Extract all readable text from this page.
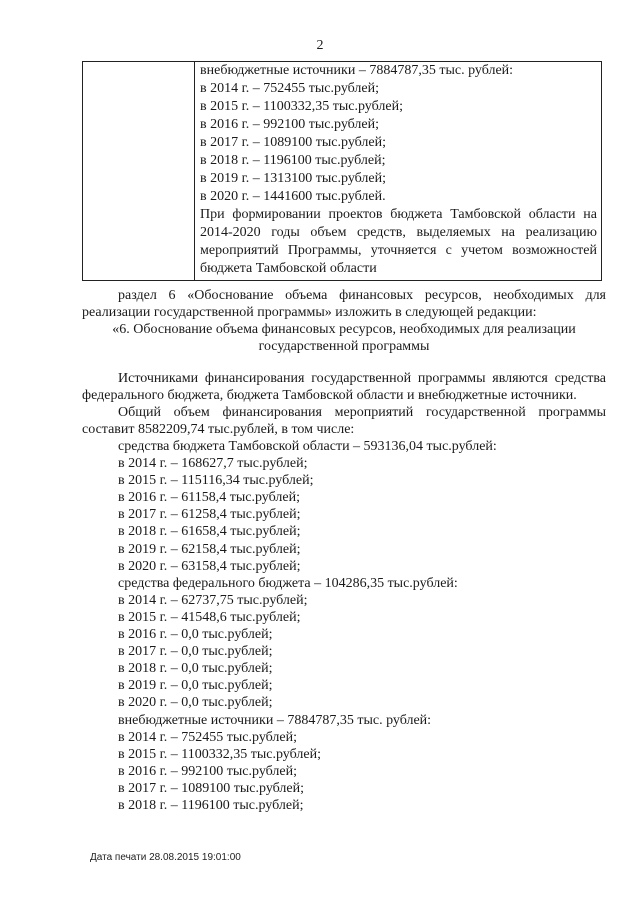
2

внебюджетные источники – 7884787,35 тыс. рублей:
в 2014 г. – 752455 тыс.рублей;
в 2015 г. – 1100332,35 тыс.рублей;
в 2016 г. – 992100 тыс.рублей;
в 2017 г. – 1089100 тыс.рублей;
в 2018 г. – 1196100 тыс.рублей;
в 2019 г. – 1313100 тыс.рублей;
в 2020 г. – 1441600 тыс.рублей.
При формировании проектов бюджета Тамбовской области на 2014-2020 годы объем средств, выделяемых на реализацию мероприятий Программы, уточняется с учетом возможностей бюджета Тамбовской области

раздел 6 «Обоснование объема финансовых ресурсов, необходимых для реализации государственной программы» изложить в следующей редакции:

«6. Обоснование объема финансовых ресурсов, необходимых для реализации государственной программы

Источниками финансирования государственной программы являются средства федерального бюджета, бюджета Тамбовской области и внебюджетные источники.

Общий объем финансирования мероприятий государственной программы составит 8582209,74 тыс.рублей, в том числе:

средства бюджета Тамбовской области – 593136,04 тыс.рублей:
в 2014 г. – 168627,7 тыс.рублей;
в 2015 г. – 115116,34 тыс.рублей;
в 2016 г. – 61158,4 тыс.рублей;
в 2017 г. – 61258,4 тыс.рублей;
в 2018 г. – 61658,4 тыс.рублей;
в 2019 г. – 62158,4 тыс.рублей;
в 2020 г. – 63158,4 тыс.рублей;
средства федерального бюджета – 104286,35 тыс.рублей:
в 2014 г. – 62737,75 тыс.рублей;
в 2015 г. – 41548,6 тыс.рублей;
в 2016 г. – 0,0 тыс.рублей;
в 2017 г. – 0,0 тыс.рублей;
в 2018 г. – 0,0 тыс.рублей;
в 2019 г. – 0,0 тыс.рублей;
в 2020 г. – 0,0 тыс.рублей;
внебюджетные источники – 7884787,35 тыс. рублей:
в 2014 г. – 752455 тыс.рублей;
в 2015 г. – 1100332,35 тыс.рублей;
в 2016 г. – 992100 тыс.рублей;
в 2017 г. – 1089100 тыс.рублей;
в 2018 г. – 1196100 тыс.рублей;
Дата печати 28.08.2015 19:01:00
